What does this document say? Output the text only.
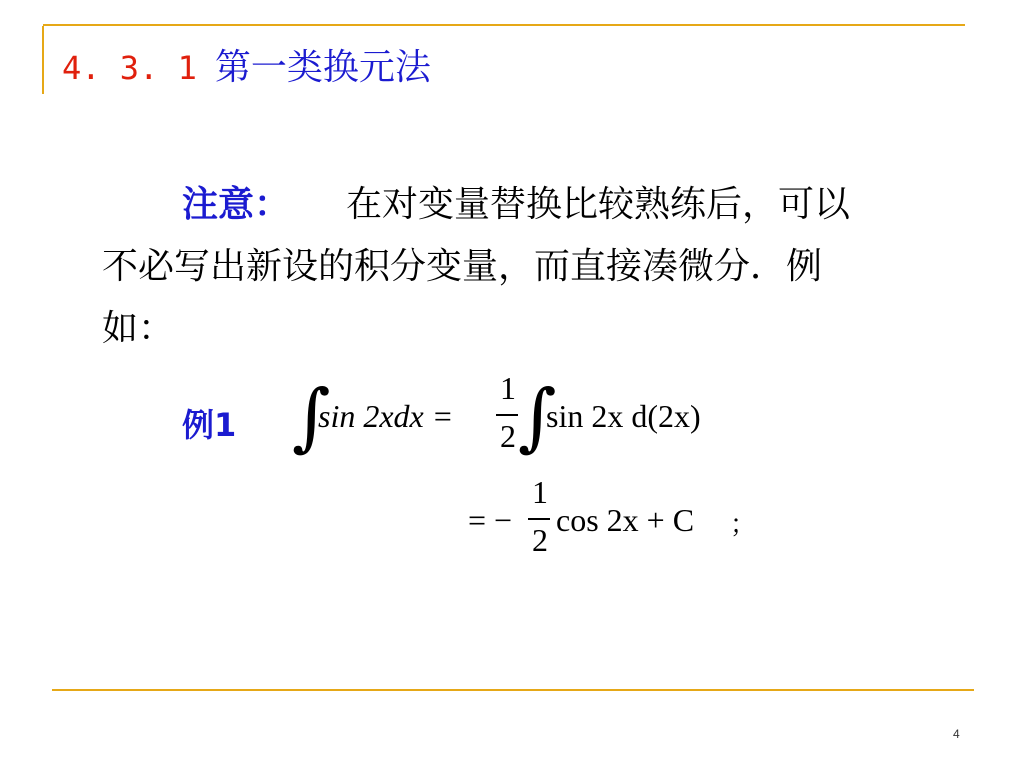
4. 3. 1 第一类换元法
注意： 在对变量替换比较熟练后，可以
不必写出新设的积分变量，而直接凑微分．例
如：
例1 ∫
sin 2xdx =
1
2 ∫
sin 2x d(2x)
= −
1
2
cos 2x + C ；
4
